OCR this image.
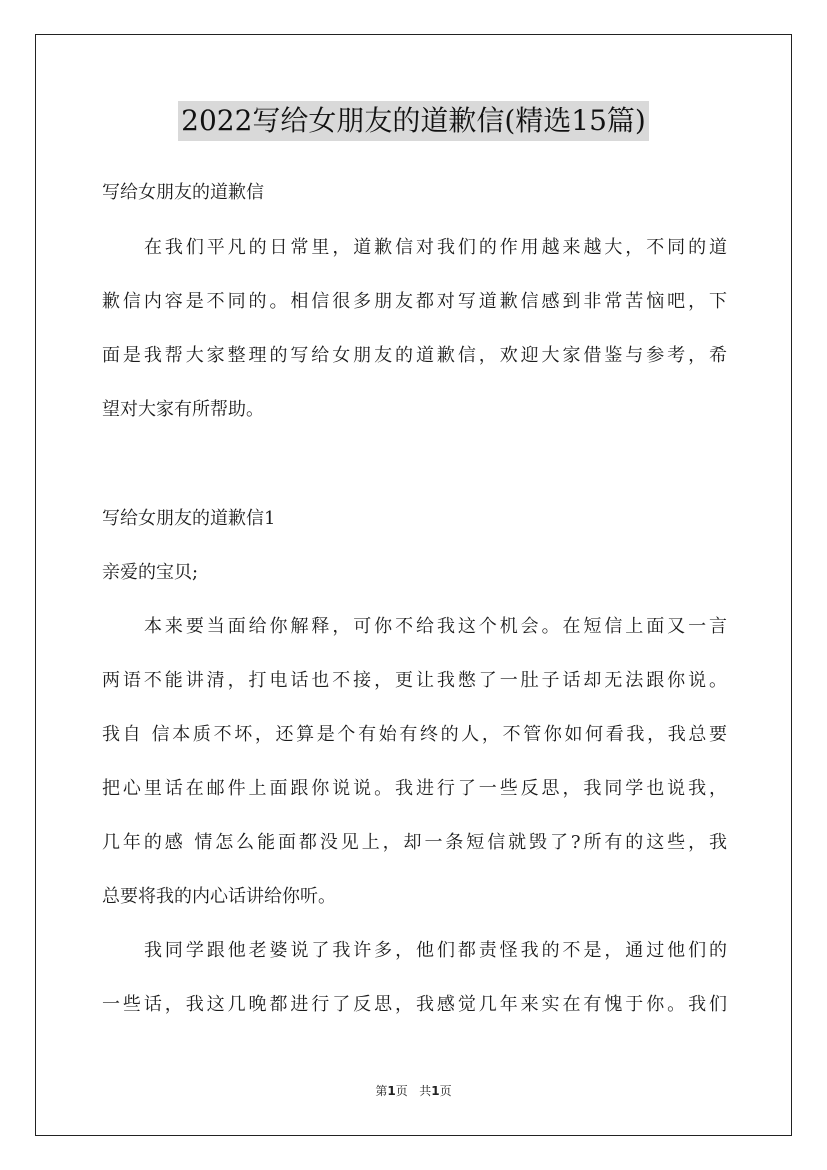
2022写给女朋友的道歉信(精选15篇)
写给女朋友的道歉信
在我们平凡的日常里，道歉信对我们的作用越来越大，不同的道
歉信内容是不同的。相信很多朋友都对写道歉信感到非常苦恼吧，下
面是我帮大家整理的写给女朋友的道歉信，欢迎大家借鉴与参考，希
望对大家有所帮助。
写给女朋友的道歉信1
亲爱的宝贝;
本来要当面给你解释，可你不给我这个机会。在短信上面又一言
两语不能讲清，打电话也不接，更让我憋了一肚子话却无法跟你说。
我自 信本质不坏，还算是个有始有终的人，不管你如何看我，我总要
把心里话在邮件上面跟你说说。我进行了一些反思，我同学也说我，
几年的感 情怎么能面都没见上，却一条短信就毁了?所有的这些，我
总要将我的内心话讲给你听。
我同学跟他老婆说了我许多，他们都责怪我的不是，通过他们的
一些话，我这几晚都进行了反思，我感觉几年来实在有愧于你。我们
第1页 共1页
